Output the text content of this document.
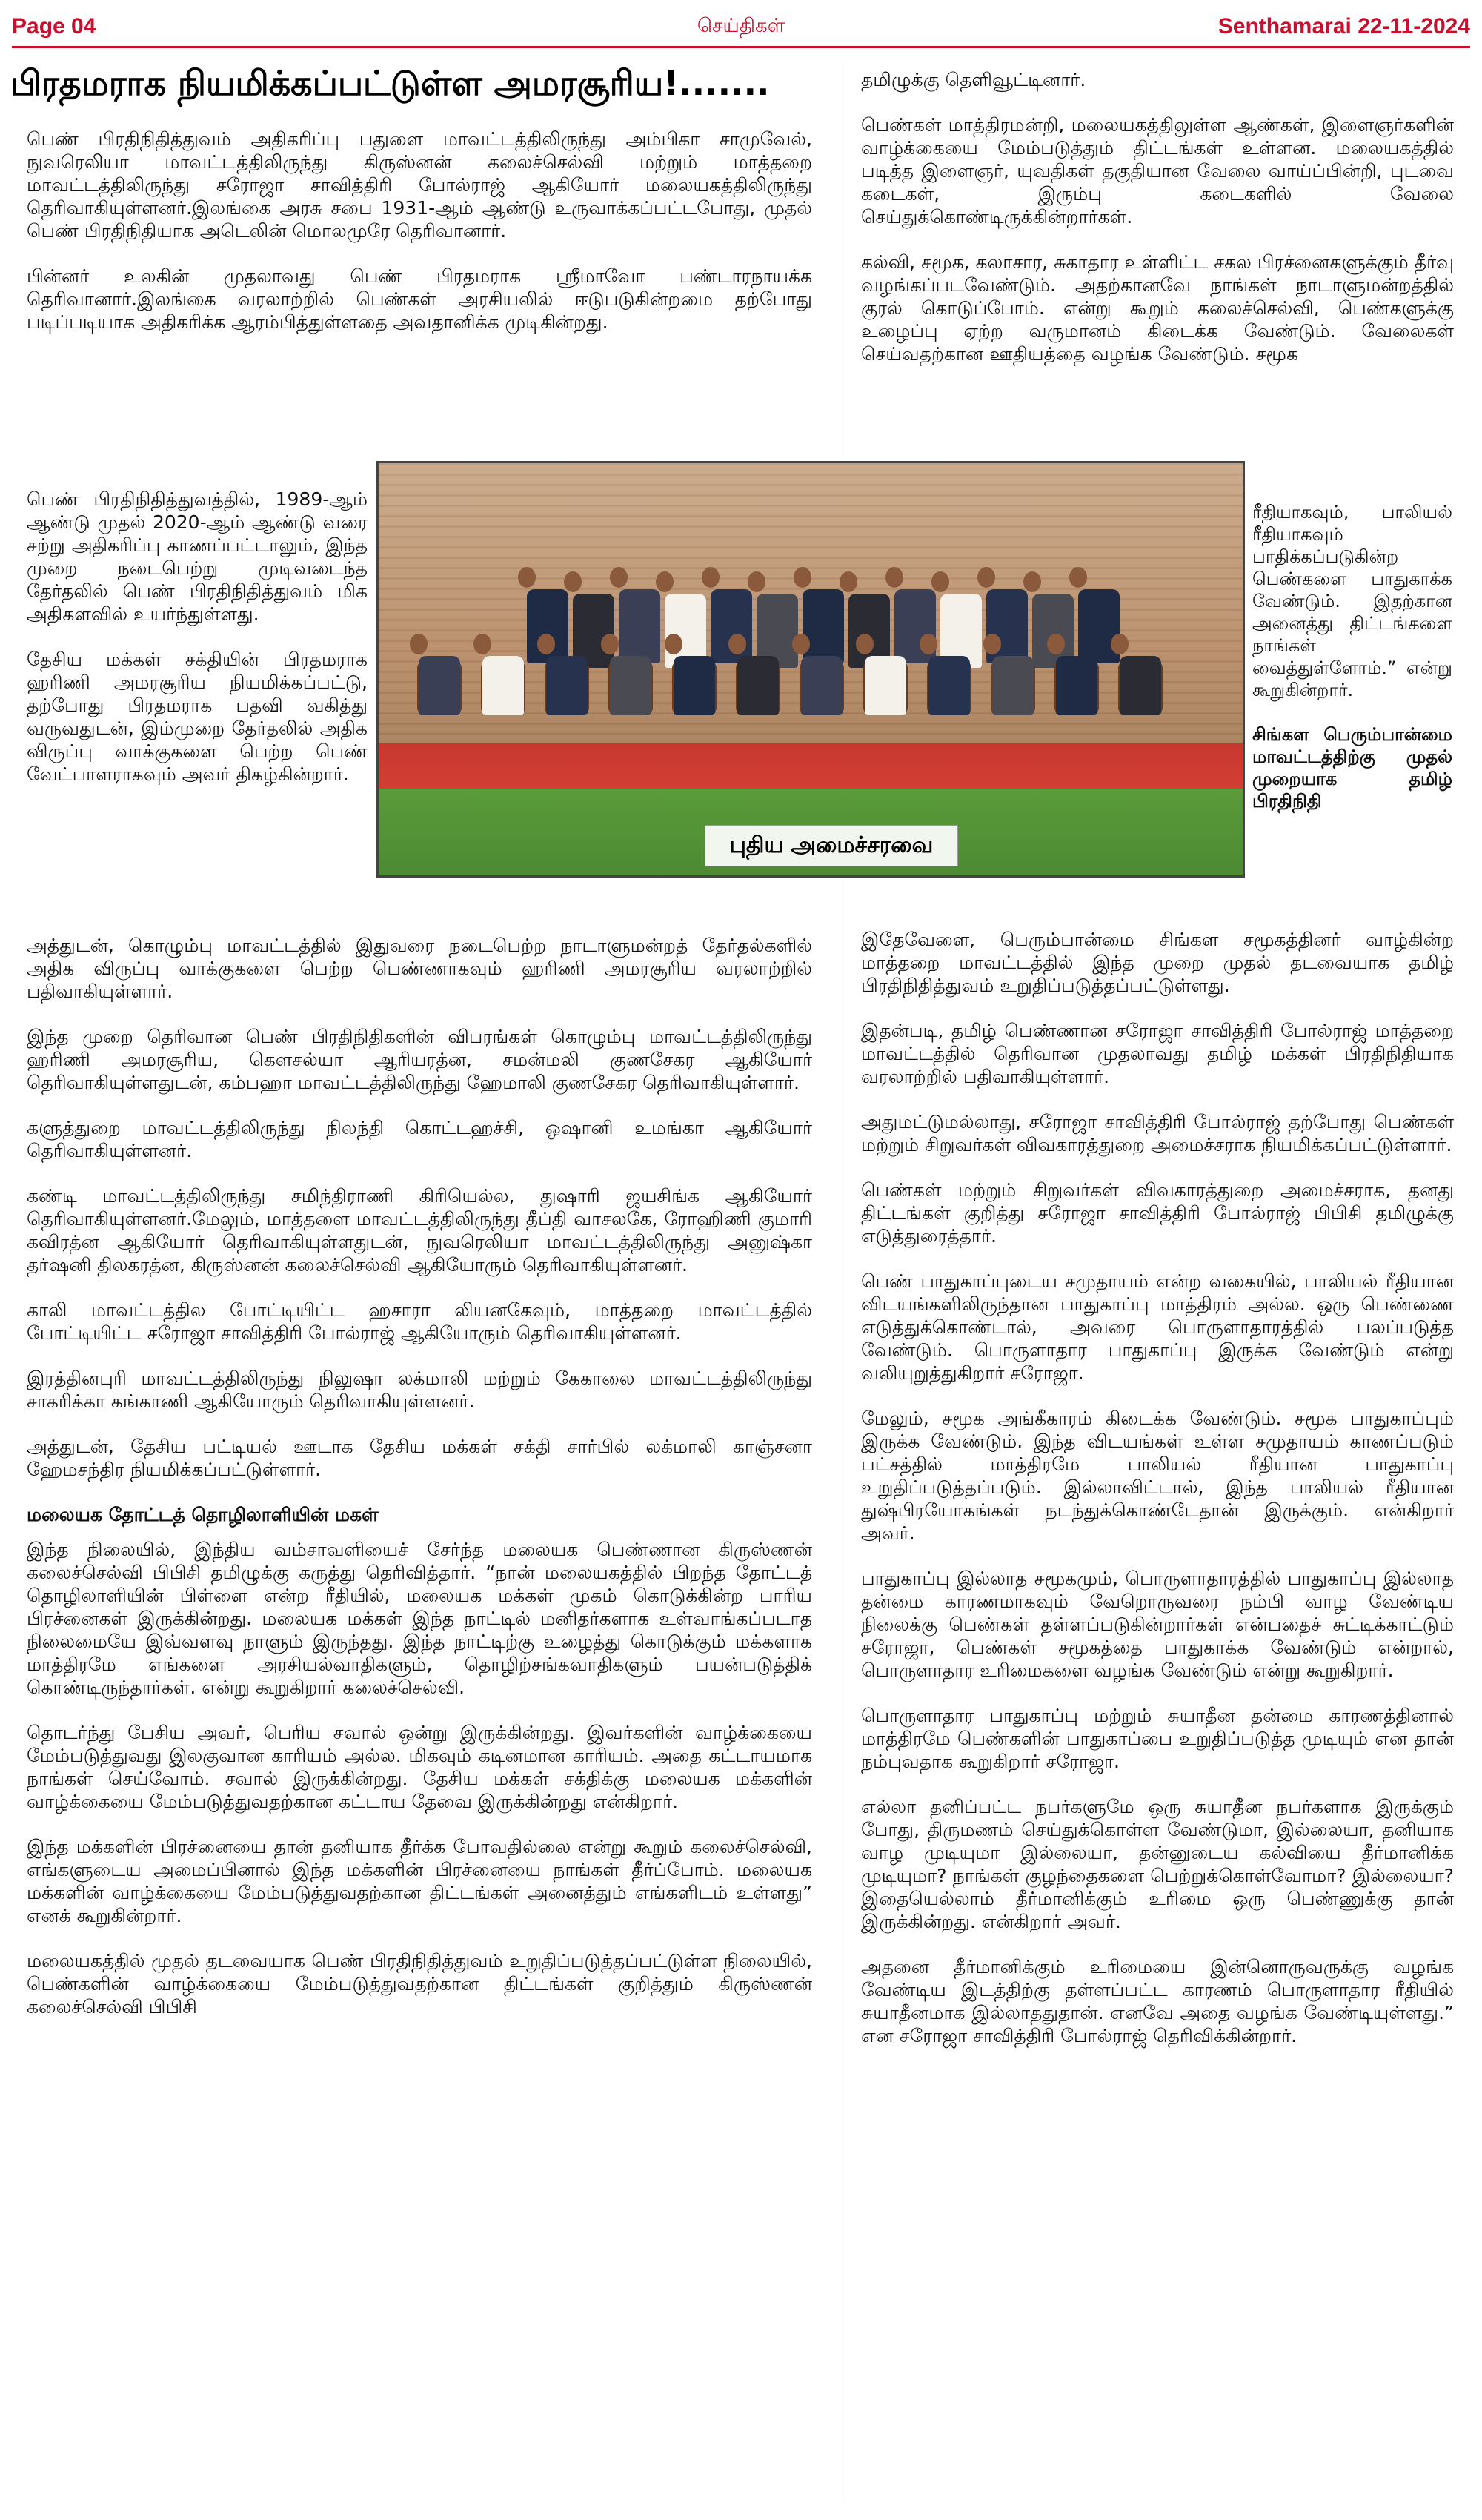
Page 04	செய்திகள்	Senthamarai 22-11-2024
பிரதமராக நியமிக்கப்பட்டுள்ள அமரசூரிய!.......

பெண் பிரதிநிதித்துவம் அதிகரிப்பு பதுளை மாவட்டத்திலிருந்து அம்பிகா சாமுவேல், நுவரெலியா மாவட்டத்திலிருந்து கிருஸ்னன் கலைச்செல்வி மற்றும் மாத்தறை மாவட்டத்திலிருந்து சரோஜா சாவித்திரி போல்ராஜ் ஆகியோர் மலையகத்திலிருந்து தெரிவாகியுள்ளனர்.இலங்கை அரசு சபை 1931-ஆம் ஆண்டு உருவாக்கப்பட்டபோது, முதல் பெண் பிரதிநிதியாக அடெலின் மொலமுரே தெரிவானார்.

பின்னர் உலகின் முதலாவது பெண் பிரதமராக ஸ்ரீமாவோ பண்டாரநாயக்க தெரிவானார்.இலங்கை வரலாற்றில் பெண்கள் அரசியலில் ஈடுபடுகின்றமை தற்போது படிப்படியாக அதிகரிக்க ஆரம்பித்துள்ளதை அவதானிக்க முடிகின்றது.

பெண் பிரதிநிதித்துவத்தில், 1989-ஆம் ஆண்டு முதல் 2020-ஆம் ஆண்டு வரை சற்று அதிகரிப்பு காணப்பட்டாலும், இந்த முறை நடைபெற்று முடிவடைந்த தேர்தலில் பெண் பிரதிநிதித்துவம் மிக அதிகளவில் உயர்ந்துள்ளது.

தேசிய மக்கள் சக்தியின் பிரதமராக ஹரிணி அமரசூரிய நியமிக்கப்பட்டு, தற்போது பிரதமராக பதவி வகித்து வருவதுடன், இம்முறை தேர்தலில் அதிக விருப்பு வாக்குகளை பெற்ற பெண் வேட்பாளராகவும் அவர் திகழ்கின்றார்.

புதிய அமைச்சரவை

தமிழுக்கு தெளிவூட்டினார்.

பெண்கள் மாத்திரமன்றி, மலையகத்திலுள்ள ஆண்கள், இளைஞர்களின் வாழ்க்கையை மேம்படுத்தும் திட்டங்கள் உள்ளன. மலையகத்தில் படித்த இளைஞர், யுவதிகள் தகுதியான வேலை வாய்ப்பின்றி, புடவை கடைகள், இரும்பு கடைகளில் வேலை செய்துக்கொண்டிருக்கின்றார்கள்.

கல்வி, சமூக, கலாசார, சுகாதார உள்ளிட்ட சகல பிரச்னைகளுக்கும் தீர்வு வழங்கப்படவேண்டும். அதற்கானவே நாங்கள் நாடாளுமன்றத்தில் குரல் கொடுப்போம். என்று கூறும் கலைச்செல்வி, பெண்களுக்கு உழைப்பு ஏற்ற வருமானம் கிடைக்க வேண்டும். வேலைகள் செய்வதற்கான ஊதியத்தை வழங்க வேண்டும். சமூக

ரீதியாகவும், பாலியல் ரீதியாகவும் பாதிக்கப்படுகின்ற பெண்களை பாதுகாக்க வேண்டும். இதற்கான அனைத்து திட்டங்களை நாங்கள் வைத்துள்ளோம்.” என்று கூறுகின்றார்.

சிங்கள பெரும்பான்மை மாவட்டத்திற்கு முதல் முறையாக தமிழ் பிரதிநிதி

அத்துடன், கொழும்பு மாவட்டத்தில் இதுவரை நடைபெற்ற நாடாளுமன்றத் தேர்தல்களில் அதிக விருப்பு வாக்குகளை பெற்ற பெண்ணாகவும் ஹரிணி அமரசூரிய வரலாற்றில் பதிவாகியுள்ளார்.

இந்த முறை தெரிவான பெண் பிரதிநிதிகளின் விபரங்கள் கொழும்பு மாவட்டத்திலிருந்து ஹரிணி அமரசூரிய, கௌசல்யா ஆரியரத்ன, சமன்மலி குணசேகர ஆகியோர் தெரிவாகியுள்ளதுடன், கம்பஹா மாவட்டத்திலிருந்து ஹேமாலி குணசேகர தெரிவாகியுள்ளார்.

களுத்துறை மாவட்டத்திலிருந்து நிலந்தி கொட்டஹச்சி, ஒஷானி உமங்கா ஆகியோர் தெரிவாகியுள்ளனர்.

கண்டி மாவட்டத்திலிருந்து சமிந்திராணி கிரியெல்ல, துஷாரி ஜயசிங்க ஆகியோர் தெரிவாகியுள்ளனர்.மேலும், மாத்தளை மாவட்டத்திலிருந்து தீப்தி வாசலகே, ரோஹிணி குமாரி கவிரத்ன ஆகியோர் தெரிவாகியுள்ளதுடன், நுவரெலியா மாவட்டத்திலிருந்து அனுஷ்கா தர்ஷனி திலகரத்ன, கிருஸ்னன் கலைச்செல்வி ஆகியோரும் தெரிவாகியுள்ளனர்.

காலி மாவட்டத்தில போட்டியிட்ட ஹசாரா லியனகேவும், மாத்தறை மாவட்டத்தில் போட்டியிட்ட சரோஜா சாவித்திரி போல்ராஜ் ஆகியோரும் தெரிவாகியுள்ளனர்.

இரத்தினபுரி மாவட்டத்திலிருந்து நிலுஷா லக்மாலி மற்றும் கேகாலை மாவட்டத்திலிருந்து சாகரிக்கா கங்காணி ஆகியோரும் தெரிவாகியுள்ளனர்.

அத்துடன், தேசிய பட்டியல் ஊடாக தேசிய மக்கள் சக்தி சார்பில் லக்மாலி காஞ்சனா ஹேமசந்திர நியமிக்கப்பட்டுள்ளார்.

மலையக தோட்டத் தொழிலாளியின் மகள்

இந்த நிலையில், இந்திய வம்சாவளியைச் சேர்ந்த மலையக பெண்ணான கிருஸ்ணன் கலைச்செல்வி பிபிசி தமிழுக்கு கருத்து தெரிவித்தார். “நான் மலையகத்தில் பிறந்த தோட்டத் தொழிலாளியின் பிள்ளை என்ற ரீதியில், மலையக மக்கள் முகம் கொடுக்கின்ற பாரிய பிரச்னைகள் இருக்கின்றது. மலையக மக்கள் இந்த நாட்டில் மனிதர்களாக உள்வாங்கப்படாத நிலைமையே இவ்வளவு நாளும் இருந்தது. இந்த நாட்டிற்கு உழைத்து கொடுக்கும் மக்களாக மாத்திரமே எங்களை அரசியல்வாதிகளும், தொழிற்சங்கவாதிகளும் பயன்படுத்திக் கொண்டிருந்தார்கள். என்று கூறுகிறார் கலைச்செல்வி.

தொடர்ந்து பேசிய அவர், பெரிய சவால் ஒன்று இருக்கின்றது. இவர்களின் வாழ்க்கையை மேம்படுத்துவது இலகுவான காரியம் அல்ல. மிகவும் கடினமான காரியம். அதை கட்டாயமாக நாங்கள் செய்வோம். சவால் இருக்கின்றது. தேசிய மக்கள் சக்திக்கு மலையக மக்களின் வாழ்க்கையை மேம்படுத்துவதற்கான கட்டாய தேவை இருக்கின்றது என்கிறார்.

இந்த மக்களின் பிரச்னையை தான் தனியாக தீர்க்க போவதில்லை என்று கூறும் கலைச்செல்வி, எங்களுடைய அமைப்பினால் இந்த மக்களின் பிரச்னையை நாங்கள் தீர்ப்போம். மலையக மக்களின் வாழ்க்கையை மேம்படுத்துவதற்கான திட்டங்கள் அனைத்தும் எங்களிடம் உள்ளது” எனக் கூறுகின்றார்.

மலையகத்தில் முதல் தடவையாக பெண் பிரதிநிதித்துவம் உறுதிப்படுத்தப்பட்டுள்ள நிலையில், பெண்களின் வாழ்க்கையை மேம்படுத்துவதற்கான திட்டங்கள் குறித்தும் கிருஸ்ணன் கலைச்செல்வி பிபிசி

இதேவேளை, பெரும்பான்மை சிங்கள சமூகத்தினர் வாழ்கின்ற மாத்தறை மாவட்டத்தில் இந்த முறை முதல் தடவையாக தமிழ் பிரதிநிதித்துவம் உறுதிப்படுத்தப்பட்டுள்ளது.

இதன்படி, தமிழ் பெண்ணான சரோஜா சாவித்திரி போல்ராஜ் மாத்தறை மாவட்டத்தில் தெரிவான முதலாவது தமிழ் மக்கள் பிரதிநிதியாக வரலாற்றில் பதிவாகியுள்ளார்.

அதுமட்டுமல்லாது, சரோஜா சாவித்திரி போல்ராஜ் தற்போது பெண்கள் மற்றும் சிறுவர்கள் விவகாரத்துறை அமைச்சராக நியமிக்கப்பட்டுள்ளார்.

பெண்கள் மற்றும் சிறுவர்கள் விவகாரத்துறை அமைச்சராக, தனது திட்டங்கள் குறித்து சரோஜா சாவித்திரி போல்ராஜ் பிபிசி தமிழுக்கு எடுத்துரைத்தார்.

பெண் பாதுகாப்புடைய சமுதாயம் என்ற வகையில், பாலியல் ரீதியான விடயங்களிலிருந்தான பாதுகாப்பு மாத்திரம் அல்ல. ஒரு பெண்ணை எடுத்துக்கொண்டால், அவரை பொருளாதாரத்தில் பலப்படுத்த வேண்டும். பொருளாதார பாதுகாப்பு இருக்க வேண்டும் என்று வலியுறுத்துகிறார் சரோஜா.

மேலும், சமூக அங்கீகாரம் கிடைக்க வேண்டும். சமூக பாதுகாப்பும் இருக்க வேண்டும். இந்த விடயங்கள் உள்ள சமுதாயம் காணப்படும் பட்சத்தில் மாத்திரமே பாலியல் ரீதியான பாதுகாப்பு உறுதிப்படுத்தப்படும். இல்லாவிட்டால், இந்த பாலியல் ரீதியான துஷ்பிரயோகங்கள் நடந்துக்கொண்டேதான் இருக்கும். என்கிறார் அவர்.

பாதுகாப்பு இல்லாத சமூகமும், பொருளாதாரத்தில் பாதுகாப்பு இல்லாத தன்மை காரணமாகவும் வேறொருவரை நம்பி வாழ வேண்டிய நிலைக்கு பெண்கள் தள்ளப்படுகின்றார்கள் என்பதைச் சுட்டிக்காட்டும் சரோஜா, பெண்கள் சமூகத்தை பாதுகாக்க வேண்டும் என்றால், பொருளாதார உரிமைகளை வழங்க வேண்டும் என்று கூறுகிறார்.

பொருளாதார பாதுகாப்பு மற்றும் சுயாதீன தன்மை காரணத்தினால் மாத்திரமே பெண்களின் பாதுகாப்பை உறுதிப்படுத்த முடியும் என தான் நம்புவதாக கூறுகிறார் சரோஜா.

எல்லா தனிப்பட்ட நபர்களுமே ஒரு சுயாதீன நபர்களாக இருக்கும் போது, திருமணம் செய்துக்கொள்ள வேண்டுமா, இல்லையா, தனியாக வாழ முடியுமா இல்லையா, தன்னுடைய கல்வியை தீர்மானிக்க முடியுமா? நாங்கள் குழந்தைகளை பெற்றுக்கொள்வோமா? இல்லையா? இதையெல்லாம் தீர்மானிக்கும் உரிமை ஒரு பெண்ணுக்கு தான் இருக்கின்றது. என்கிறார் அவர்.

அதனை தீர்மானிக்கும் உரிமையை இன்னொருவருக்கு வழங்க வேண்டிய இடத்திற்கு தள்ளப்பட்ட காரணம் பொருளாதார ரீதியில் சுயாதீனமாக இல்லாததுதான். எனவே அதை வழங்க வேண்டியுள்ளது.” என சரோஜா சாவித்திரி போல்ராஜ் தெரிவிக்கின்றார்.
